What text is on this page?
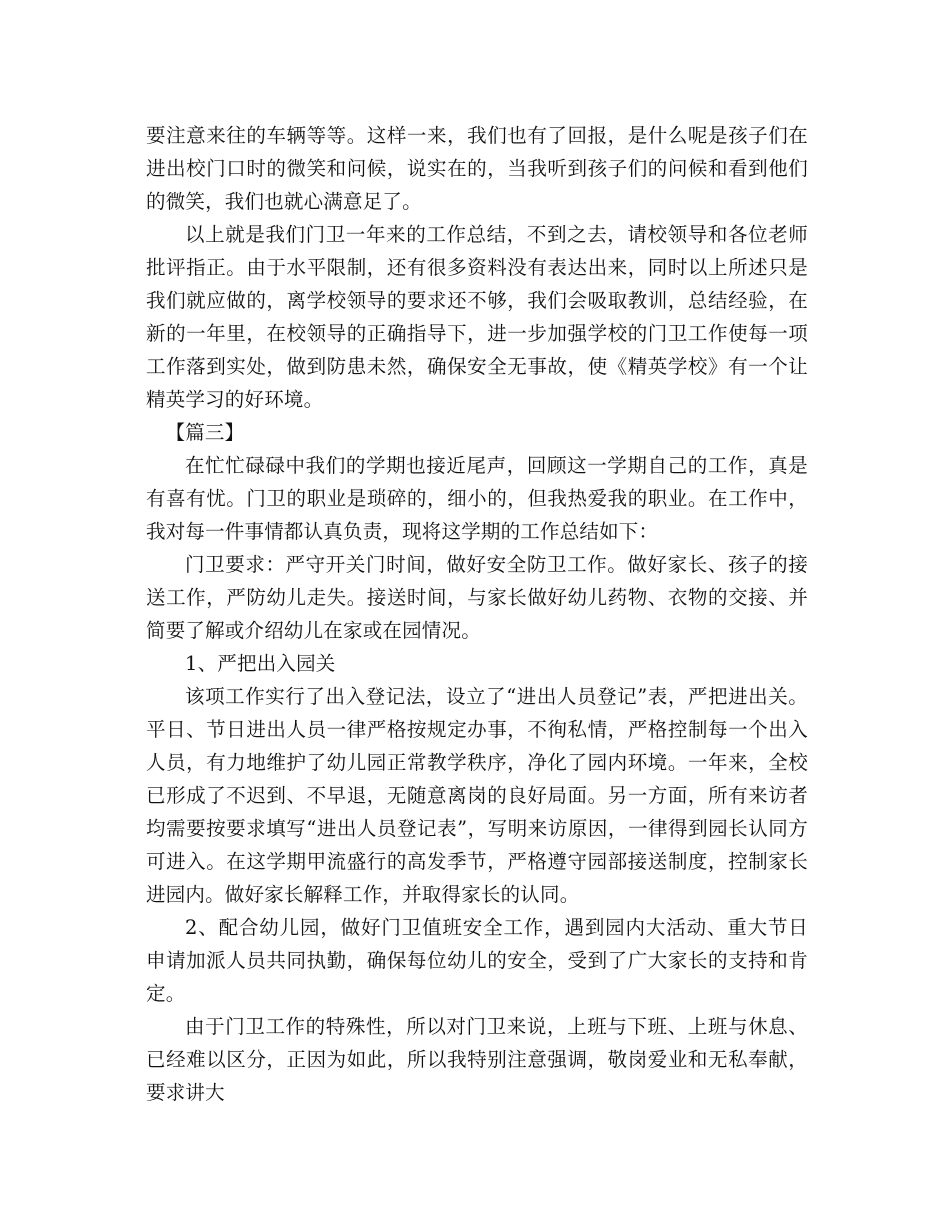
要注意来往的车辆等等。这样一来，我们也有了回报，是什么呢是孩子们在进出校门口时的微笑和问候，说实在的，当我听到孩子们的问候和看到他们的微笑，我们也就心满意足了。

以上就是我们门卫一年来的工作总结，不到之去，请校领导和各位老师批评指正。由于水平限制，还有很多资料没有表达出来，同时以上所述只是我们就应做的，离学校领导的要求还不够，我们会吸取教训，总结经验，在新的一年里，在校领导的正确指导下，进一步加强学校的门卫工作使每一项工作落到实处，做到防患未然，确保安全无事故，使《精英学校》有一个让精英学习的好环境。

【篇三】

在忙忙碌碌中我们的学期也接近尾声，回顾这一学期自己的工作，真是有喜有忧。门卫的职业是琐碎的，细小的，但我热爱我的职业。在工作中，我对每一件事情都认真负责，现将这学期的工作总结如下：

门卫要求：严守开关门时间，做好安全防卫工作。做好家长、孩子的接送工作，严防幼儿走失。接送时间，与家长做好幼儿药物、衣物的交接、并简要了解或介绍幼儿在家或在园情况。

1、严把出入园关

该项工作实行了出入登记法，设立了“进出人员登记”表，严把进出关。平日、节日进出人员一律严格按规定办事，不徇私情，严格控制每一个出入人员，有力地维护了幼儿园正常教学秩序，净化了园内环境。一年来，全校已形成了不迟到、不早退，无随意离岗的良好局面。另一方面，所有来访者均需要按要求填写“进出人员登记表”，写明来访原因，一律得到园长认同方可进入。在这学期甲流盛行的高发季节，严格遵守园部接送制度，控制家长进园内。做好家长解释工作，并取得家长的认同。

2、配合幼儿园，做好门卫值班安全工作，遇到园内大活动、重大节日申请加派人员共同执勤，确保每位幼儿的安全，受到了广大家长的支持和肯定。

由于门卫工作的特殊性，所以对门卫来说，上班与下班、上班与休息、已经难以区分，正因为如此，所以我特别注意强调，敬岗爱业和无私奉献，要求讲大
